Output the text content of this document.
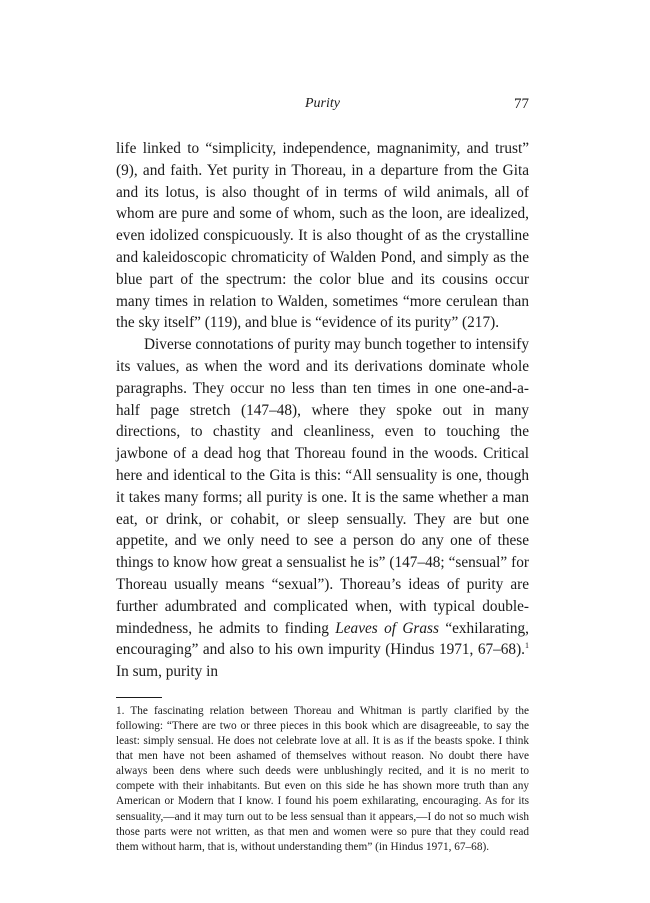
Purity	77

life linked to “simplicity, independence, magnanimity, and trust” (9), and faith. Yet purity in Thoreau, in a departure from the Gita and its lotus, is also thought of in terms of wild animals, all of whom are pure and some of whom, such as the loon, are idealized, even idolized conspicuously. It is also thought of as the crystalline and kaleidoscopic chromaticity of Walden Pond, and simply as the blue part of the spectrum: the color blue and its cousins occur many times in relation to Walden, sometimes “more cerulean than the sky itself” (119), and blue is “evidence of its purity” (217).

Diverse connotations of purity may bunch together to intensify its values, as when the word and its derivations dominate whole paragraphs. They occur no less than ten times in one one-and-a-half page stretch (147–48), where they spoke out in many directions, to chastity and cleanliness, even to touching the jawbone of a dead hog that Thoreau found in the woods. Critical here and identical to the Gita is this: “All sensuality is one, though it takes many forms; all purity is one. It is the same whether a man eat, or drink, or cohabit, or sleep sensually. They are but one appetite, and we only need to see a person do any one of these things to know how great a sensualist he is” (147–48; “sensual” for Thoreau usually means “sexual”). Thoreau’s ideas of purity are further adumbrated and complicated when, with typical double-mindedness, he admits to finding Leaves of Grass “exhilarating, encouraging” and also to his own impurity (Hindus 1971, 67–68).$^1$ In sum, purity in

1. The fascinating relation between Thoreau and Whitman is partly clarified by the following: “There are two or three pieces in this book which are disagreeable, to say the least: simply sensual. He does not celebrate love at all. It is as if the beasts spoke. I think that men have not been ashamed of themselves without reason. No doubt there have always been dens where such deeds were unblushingly recited, and it is no merit to compete with their inhabitants. But even on this side he has shown more truth than any American or Modern that I know. I found his poem exhilarating, encouraging. As for its sensuality,—and it may turn out to be less sensual than it appears,—I do not so much wish those parts were not written, as that men and women were so pure that they could read them without harm, that is, without understanding them” (in Hindus 1971, 67–68).
